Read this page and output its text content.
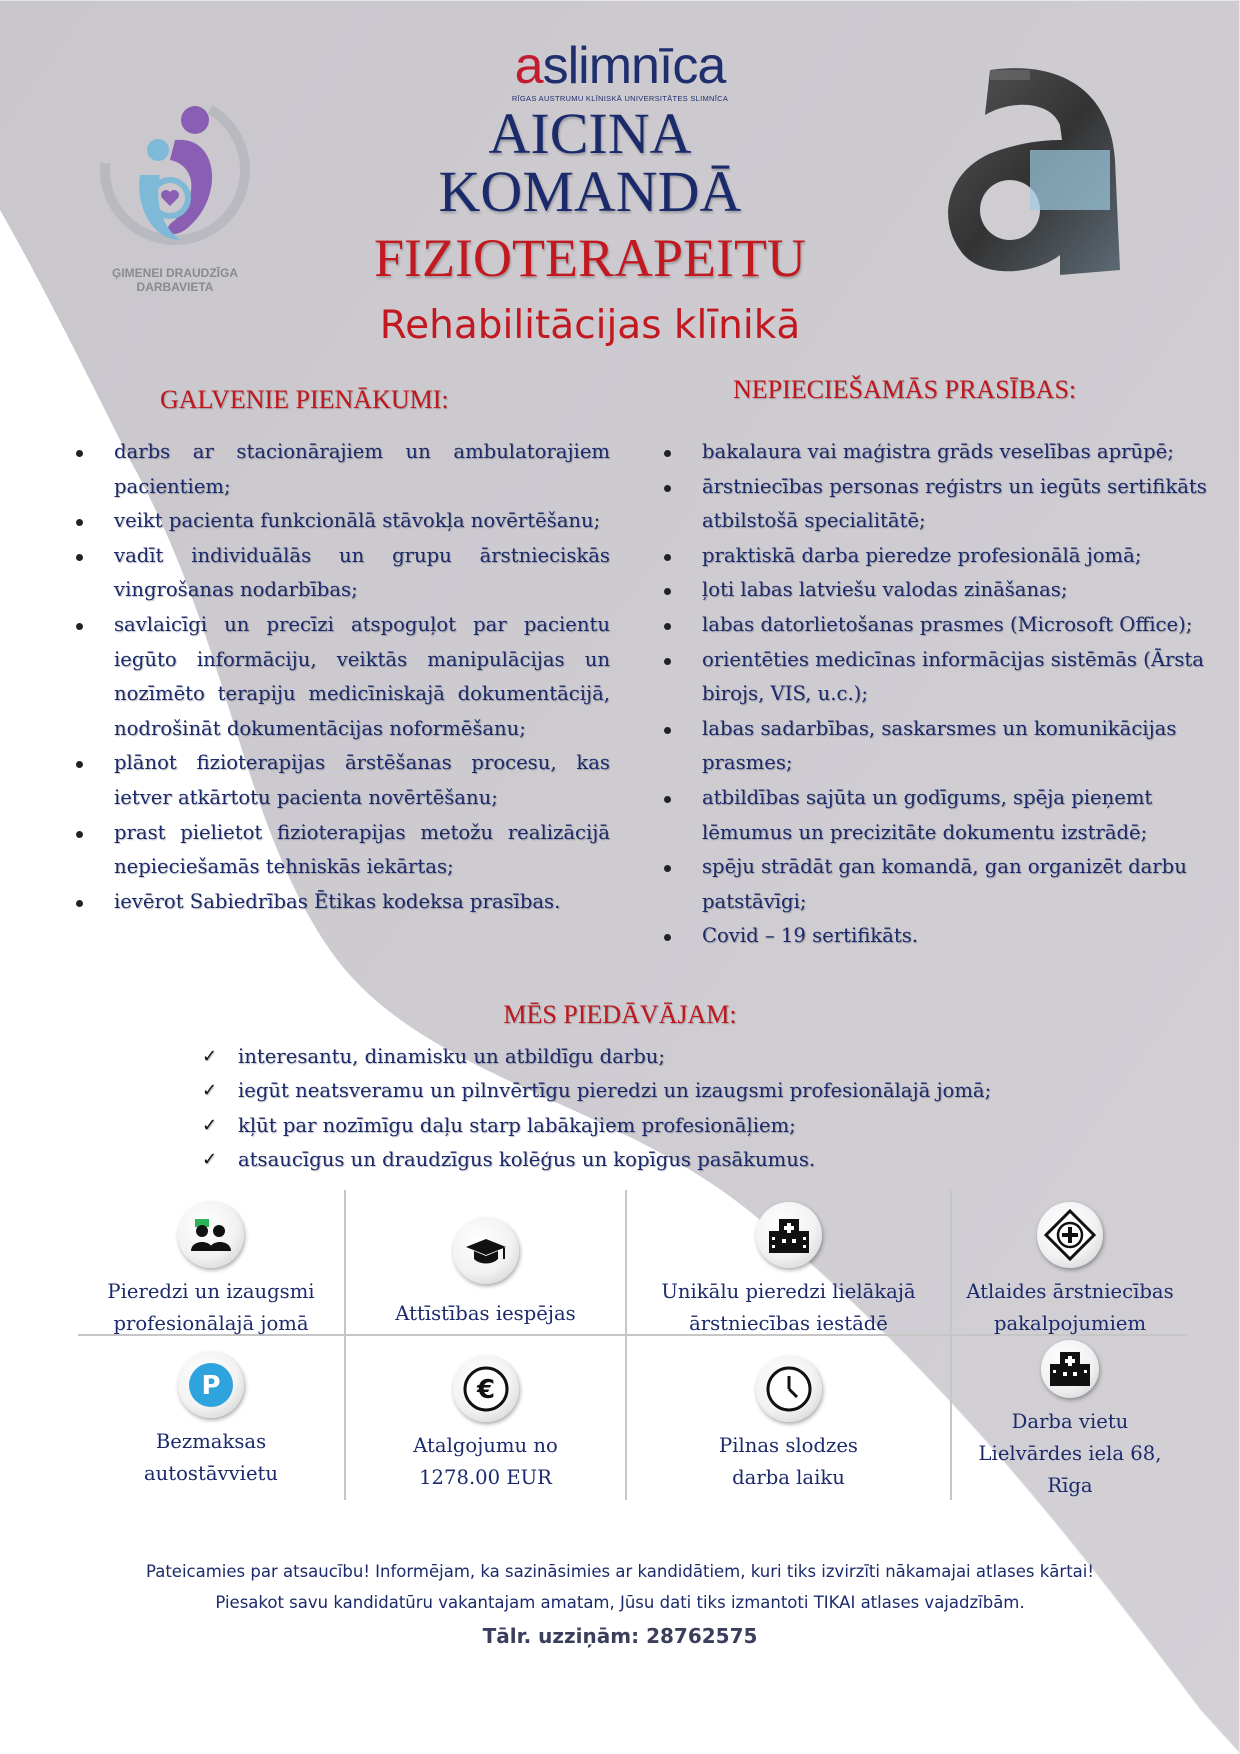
ĢIMENEI DRAUDZĪGA
DARBAVIETA
aslimnīca
RĪGAS AUSTRUMU KLĪNISKĀ UNIVERSITĀTES SLIMNĪCA
AICINA
KOMANDĀ
FIZIOTERAPEITU
Rehabilitācijas klīnikā
GALVENIE PIENĀKUMI:
darbs ar stacionārajiem un ambulatorajiem pacientiem;
veikt pacienta funkcionālā stāvokļa novērtēšanu;
vadīt individuālās un grupu ārstnieciskās vingrošanas nodarbības;
savlaicīgi un precīzi atspoguļot par pacientu iegūto informāciju, veiktās manipulācijas un nozīmēto terapiju medicīniskajā dokumentācijā, nodrošināt dokumentācijas noformēšanu;
plānot fizioterapijas ārstēšanas procesu, kas ietver atkārtotu pacienta novērtēšanu;
prast pielietot fizioterapijas metožu realizācijā nepieciešamās tehniskās iekārtas;
ievērot Sabiedrības Ētikas kodeksa prasības.
NEPIECIEŠAMĀS PRASĪBAS:
bakalaura vai maģistra grāds veselības aprūpē;
ārstniecības personas reģistrs un iegūts sertifikāts atbilstošā specialitātē;
praktiskā darba pieredze profesionālā jomā;
ļoti labas latviešu valodas zināšanas;
labas datorlietošanas prasmes (Microsoft Office);
orientēties medicīnas informācijas sistēmās (Ārsta birojs, VIS, u.c.);
labas sadarbības, saskarsmes un komunikācijas prasmes;
atbildības sajūta un godīgums, spēja pieņemt lēmumus un precizitāte dokumentu izstrādē;
spēju strādāt gan komandā, gan organizēt darbu patstāvīgi;
Covid – 19 sertifikāts.
MĒS PIEDĀVĀJAM:
✓ interesantu, dinamisku un atbildīgu darbu;
✓ iegūt neatsveramu un pilnvērtīgu pieredzi un izaugsmi profesionālajā jomā;
✓ kļūt par nozīmīgu daļu starp labākajiem profesionāļiem;
✓ atsaucīgus un draudzīgus kolēģus un kopīgus pasākumus.
Pieredzi un izaugsmi
profesionālajā jomā	Attīstības iespējas
Unikālu pieredzi lielākajā
ārstniecības iestādē
Atlaides ārstniecības
pakalpojumiem
P
Bezmaksas
autostāvvietu
€
Atalgojumu no
1278.00 EUR
Pilnas slodzes
darba laiku
Darba vietu
Lielvārdes iela 68,
Rīga
Pateicamies par atsaucību! Informējam, ka sazināsimies ar kandidātiem, kuri tiks izvirzīti nākamajai atlases kārtai!
Piesakot savu kandidatūru vakantajam amatam, Jūsu dati tiks izmantoti TIKAI atlases vajadzībām.
Tālr. uzziņām: 28762575
